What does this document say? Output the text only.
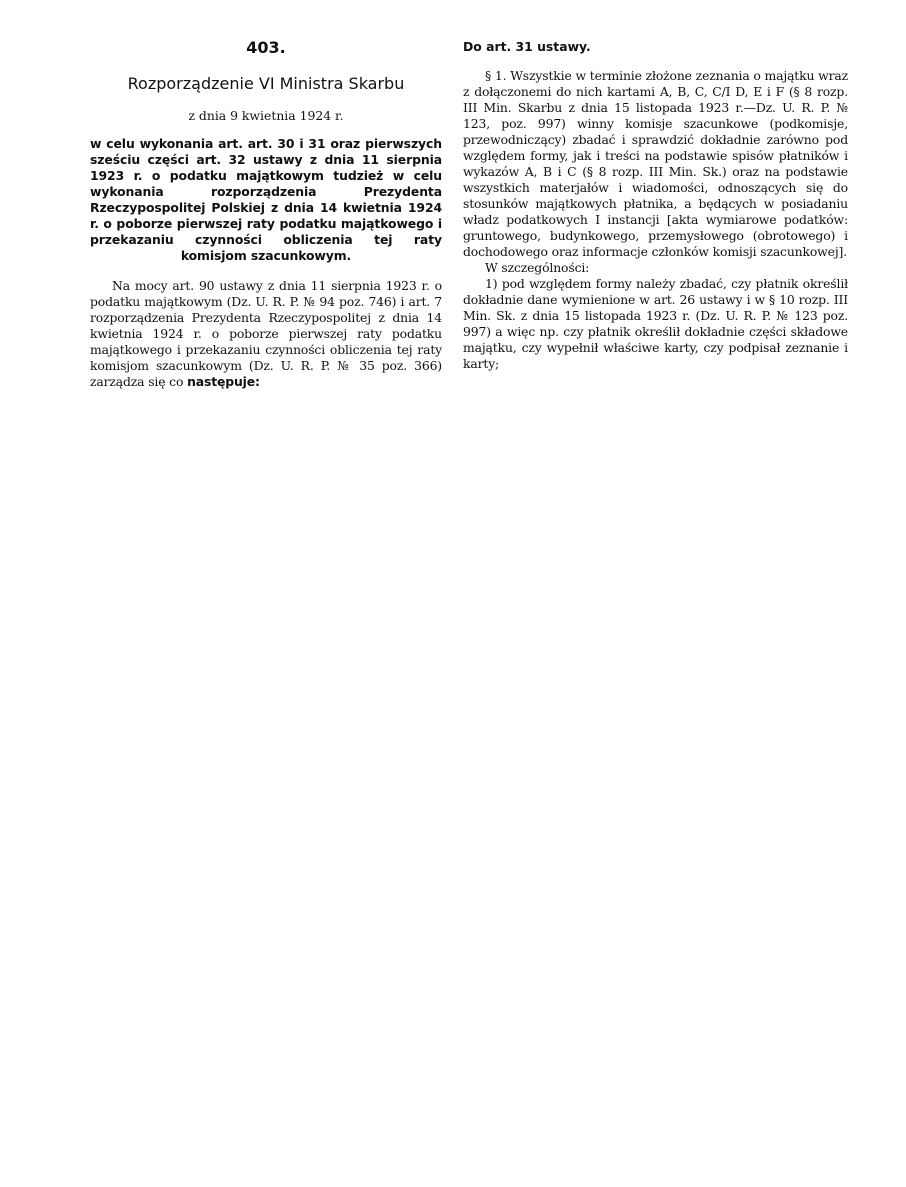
403.
Rozporządzenie VI Ministra Skarbu
z dnia 9 kwietnia 1924 r.
w celu wykonania art. art. 30 i 31 oraz pierwszych sześciu części art. 32 ustawy z dnia 11 sierpnia 1923 r. o podatku majątkowym tudzież w celu wykonania rozporządzenia Prezydenta Rzeczypospolitej Polskiej z dnia 14 kwietnia 1924 r. o poborze pierwszej raty podatku majątkowego i przekazaniu czynności obliczenia tej raty komisjom szacunkowym.

Na mocy art. 90 ustawy z dnia 11 sierpnia 1923 r. o podatku majątkowym (Dz. U. R. P. № 94 poz. 746) i art. 7 rozporządzenia Prezydenta Rzeczypospolitej z dnia 14 kwietnia 1924 r. o poborze pierwszej raty podatku majątkowego i przekazaniu czynności obliczenia tej raty komisjom szacunkowym (Dz. U. R. P. № 35 poz. 366) zarządza się co następuje:

Do art. 31 ustawy.

§ 1. Wszystkie w terminie złożone zeznania o majątku wraz z dołączonemi do nich kartami A, B, C, C/I D, E i F (§ 8 rozp. III Min. Skarbu z dnia 15 listopada 1923 r.—Dz. U. R. P. № 123, poz. 997) winny komisje szacunkowe (podkomisje, przewodniczący) zbadać i sprawdzić dokładnie zarówno pod względem formy, jak i treści na podstawie spisów płatników i wykazów A, B i C (§ 8 rozp. III Min. Sk.) oraz na podstawie wszystkich materjałów i wiadomości, odnoszących się do stosunków majątkowych płatnika, a będących w posiadaniu władz podatkowych I instancji [akta wymiarowe podatków: gruntowego, budynkowego, przemysłowego (obrotowego) i dochodowego oraz informacje członków komisji szacunkowej].

W szczególności:

1) pod względem formy należy zbadać, czy płatnik określił dokładnie dane wymienione w art. 26 ustawy i w § 10 rozp. III Min. Sk. z dnia 15 listopada 1923 r. (Dz. U. R. P. № 123 poz. 997) a więc np. czy płatnik określił dokładnie części składowe majątku, czy wypełnił właściwe karty, czy podpisał zeznanie i karty;
